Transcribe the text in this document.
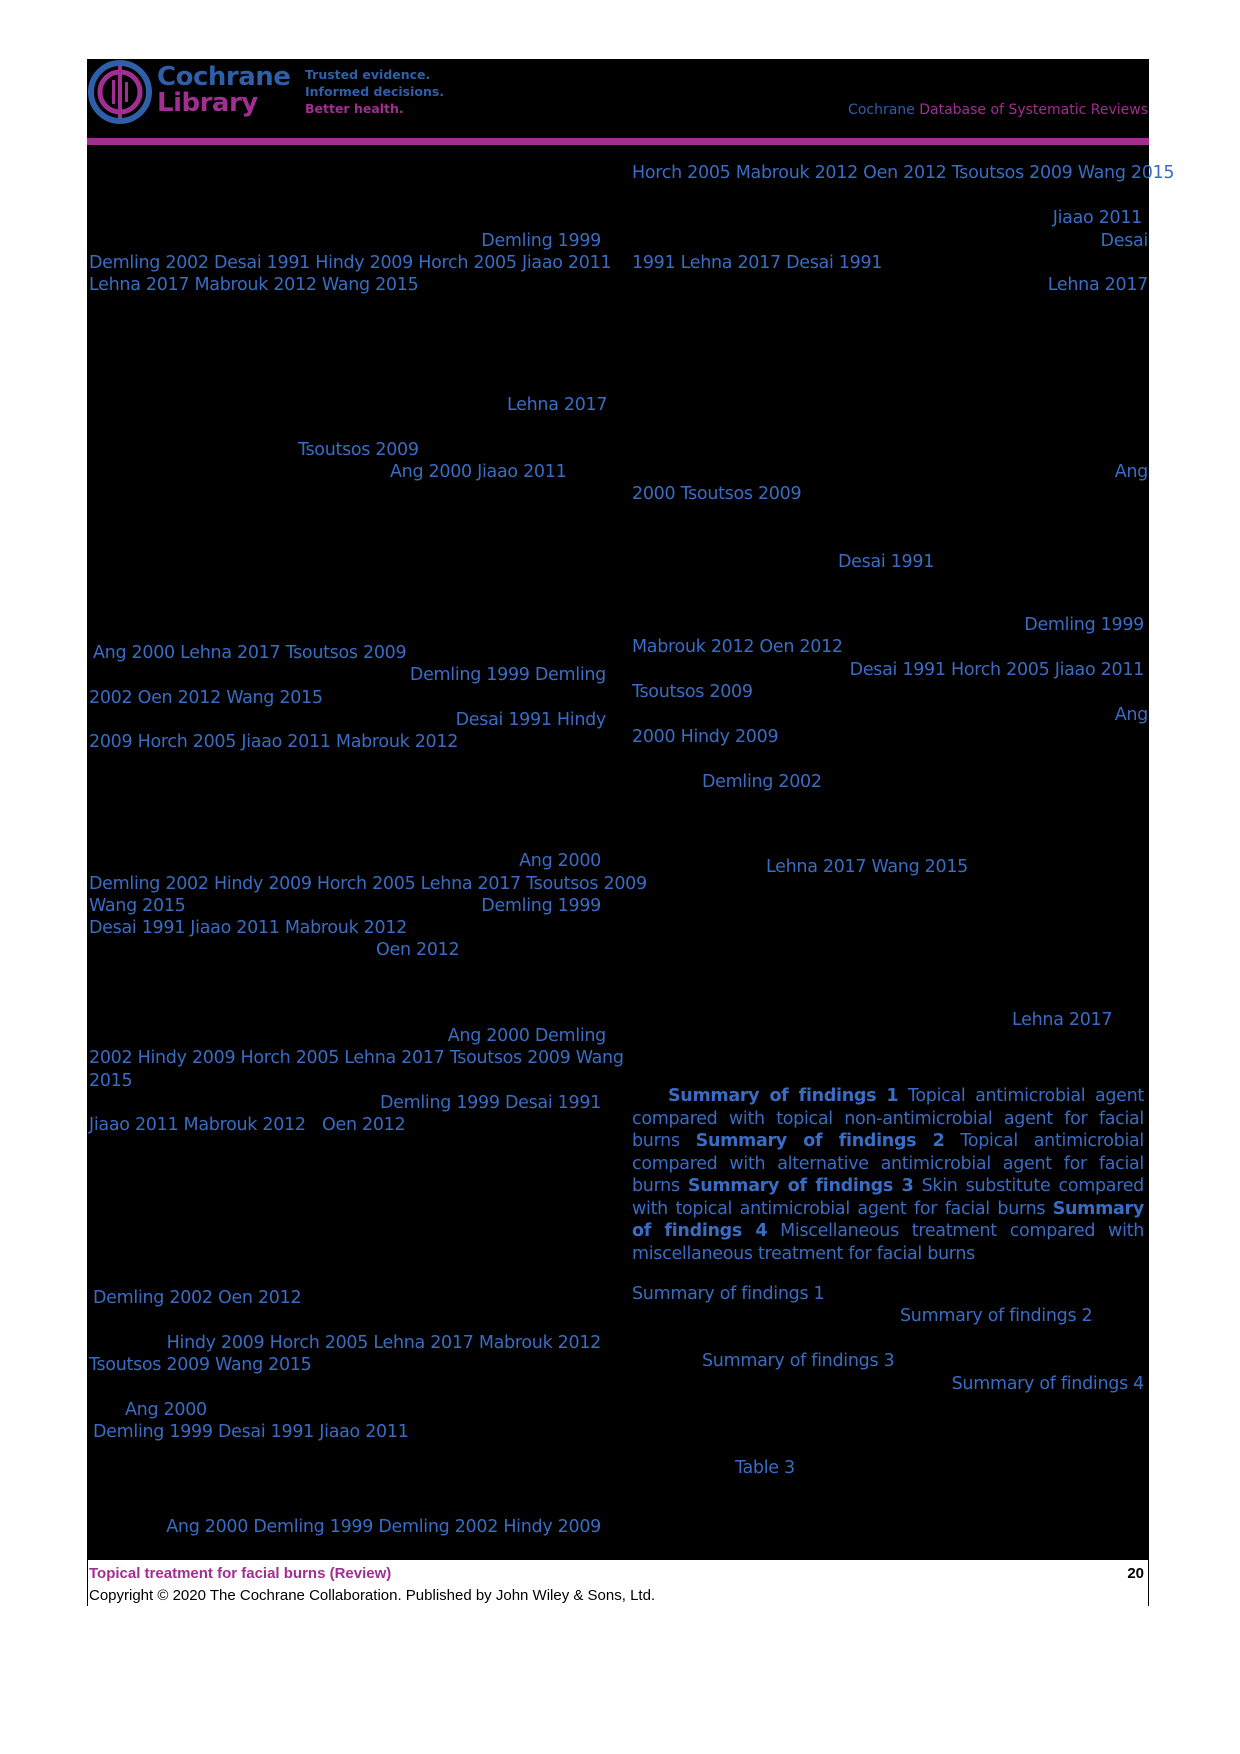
Cochrane
Library
Trusted evidence.
Informed decisions.
Better health.	Cochrane Database of Systematic Reviews
Demling 1999
Demling 2002 Desai 1991 Hindy 2009 Horch 2005 Jiaao 2011
Lehna 2017 Mabrouk 2012 Wang 2015
Lehna 2017
Tsoutsos 2009
Ang 2000 Jiaao 2011
Ang 2000 Lehna 2017 Tsoutsos 2009
Demling 1999 Demling
2002 Oen 2012 Wang 2015
Desai 1991 Hindy
2009 Horch 2005 Jiaao 2011 Mabrouk 2012
Ang 2000
Demling 2002 Hindy 2009 Horch 2005 Lehna 2017 Tsoutsos 2009
Wang 2015	Demling 1999
Desai 1991 Jiaao 2011 Mabrouk 2012
Oen 2012
Ang 2000 Demling
2002 Hindy 2009 Horch 2005 Lehna 2017 Tsoutsos 2009 Wang
2015
Demling 1999 Desai 1991
Jiaao 2011 Mabrouk 2012 Oen 2012
Demling 2002 Oen 2012
Hindy 2009 Horch 2005 Lehna 2017 Mabrouk 2012
Tsoutsos 2009 Wang 2015
Ang 2000
Demling 1999 Desai 1991 Jiaao 2011
Ang 2000 Demling 1999 Demling 2002 Hindy 2009
Horch 2005 Mabrouk 2012 Oen 2012 Tsoutsos 2009 Wang 2015
Jiaao 2011
Desai
1991 Lehna 2017 Desai 1991
Lehna 2017
Ang
2000 Tsoutsos 2009
Desai 1991
Demling 1999
Mabrouk 2012 Oen 2012
Desai 1991 Horch 2005 Jiaao 2011
Tsoutsos 2009
Ang
2000 Hindy 2009
Demling 2002
Lehna 2017 Wang 2015
Lehna 2017
Summary of findings 1 Topical antimicrobial agent compared with topical non-antimicrobial agent for facial burns Summary of findings 2 Topical antimicrobial compared with alternative antimicrobial agent for facial burns Summary of findings 3 Skin substitute compared with topical antimicrobial agent for facial burns Summary of findings 4 Miscellaneous treatment compared with miscellaneous treatment for facial burns
Summary of findings 1
Summary of findings 2
Summary of findings 3
Summary of findings 4
Table 3
Topical treatment for facial burns (Review)	20
Copyright © 2020 The Cochrane Collaboration. Published by John Wiley & Sons, Ltd.
